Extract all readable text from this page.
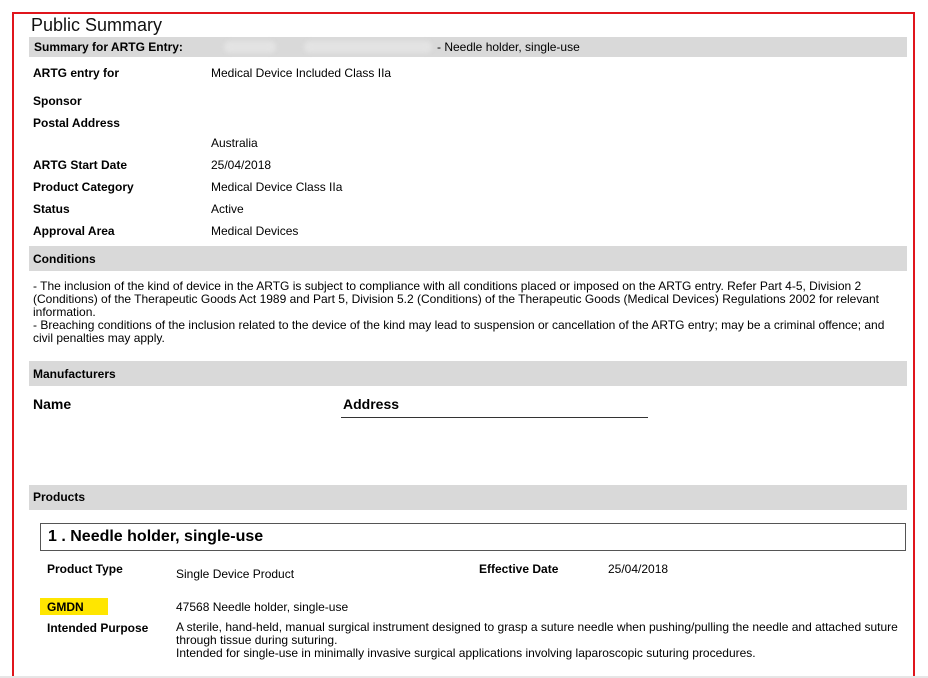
Public Summary
Summary for ARTG Entry:	- Needle holder, single-use
ARTG entry for	Medical Device Included Class IIa
Sponsor
Postal Address
Australia
ARTG Start Date	25/04/2018
Product Category	Medical Device Class IIa
Status	Active
Approval Area	Medical Devices
Conditions
- The inclusion of the kind of device in the ARTG is subject to compliance with all conditions placed or imposed on the ARTG entry. Refer Part 4-5, Division 2 (Conditions) of the Therapeutic Goods Act 1989 and Part 5, Division 5.2 (Conditions) of the Therapeutic Goods (Medical Devices) Regulations 2002 for relevant information.
- Breaching conditions of the inclusion related to the device of the kind may lead to suspension or cancellation of the ARTG entry; may be a criminal offence; and civil penalties may apply.
Manufacturers
Name	Address
Products
1 . Needle holder, single-use
Product Type	Single Device Product	Effective Date	25/04/2018
GMDN	47568 Needle holder, single-use
Intended Purpose A sterile, hand-held, manual surgical instrument designed to grasp a suture needle when pushing/pulling the needle and attached suture through tissue during suturing.
Intended for single-use in minimally invasive surgical applications involving laparoscopic suturing procedures.
